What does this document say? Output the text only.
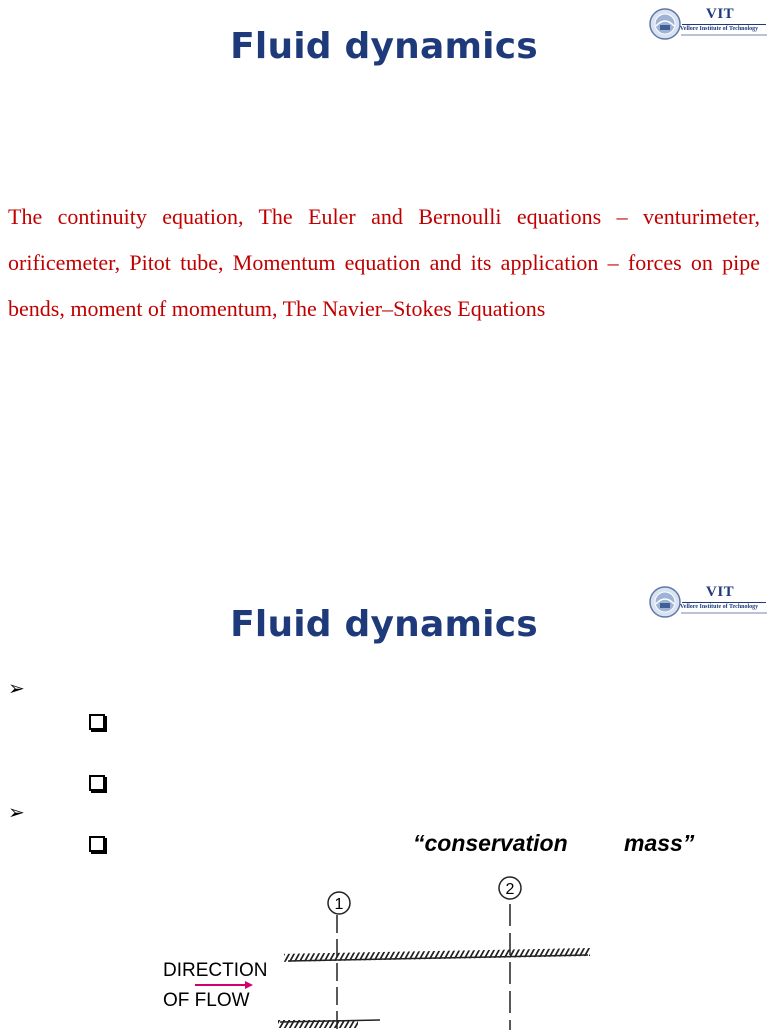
Fluid dynamics
VIT
Vellore Institute of Technology
The continuity equation, The Euler and Bernoulli equations – venturimeter, orificemeter, Pitot tube, Momentum equation and its application – forces on pipe bends, moment of momentum, The Navier–Stokes Equations
Fluid dynamics
VIT
Vellore Institute of Technology
➢
➢
“conservation mass”
1
2
DIRECTION
OF FLOW
